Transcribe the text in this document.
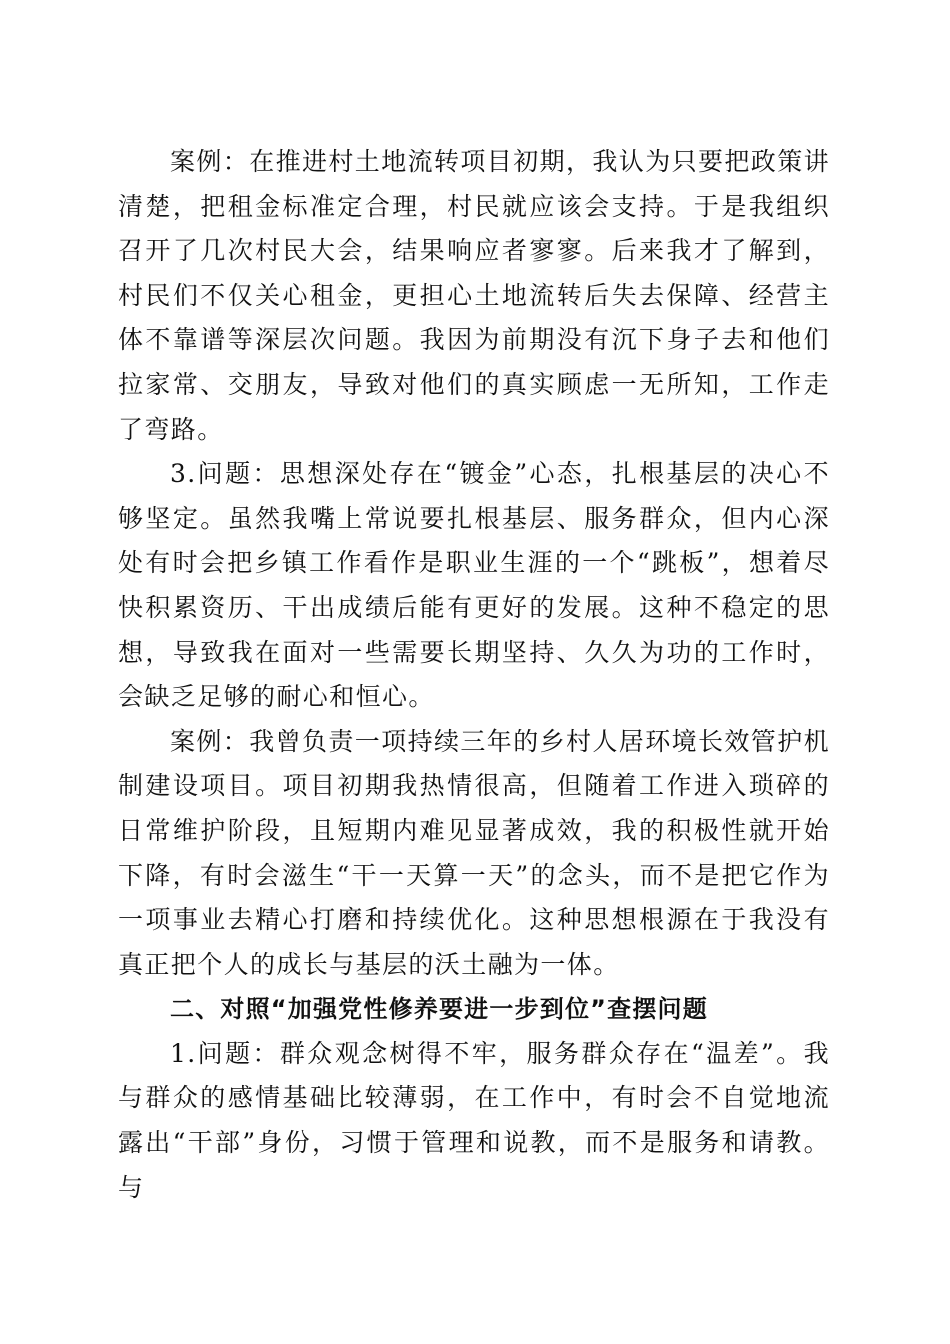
案例：在推进村土地流转项目初期，我认为只要把政策讲清楚，把租金标准定合理，村民就应该会支持。于是我组织召开了几次村民大会，结果响应者寥寥。后来我才了解到，村民们不仅关心租金，更担心土地流转后失去保障、经营主体不靠谱等深层次问题。我因为前期没有沉下身子去和他们拉家常、交朋友，导致对他们的真实顾虑一无所知，工作走了弯路。

3.问题：思想深处存在“镀金”心态，扎根基层的决心不够坚定。虽然我嘴上常说要扎根基层、服务群众，但内心深处有时会把乡镇工作看作是职业生涯的一个“跳板”，想着尽快积累资历、干出成绩后能有更好的发展。这种不稳定的思想，导致我在面对一些需要长期坚持、久久为功的工作时，会缺乏足够的耐心和恒心。

案例：我曾负责一项持续三年的乡村人居环境长效管护机制建设项目。项目初期我热情很高，但随着工作进入琐碎的日常维护阶段，且短期内难见显著成效，我的积极性就开始下降，有时会滋生“干一天算一天”的念头，而不是把它作为一项事业去精心打磨和持续优化。这种思想根源在于我没有真正把个人的成长与基层的沃土融为一体。

二、对照“加强党性修养要进一步到位”查摆问题

1.问题：群众观念树得不牢，服务群众存在“温差”。我与群众的感情基础比较薄弱，在工作中，有时会不自觉地流露出“干部”身份，习惯于管理和说教，而不是服务和请教。与
